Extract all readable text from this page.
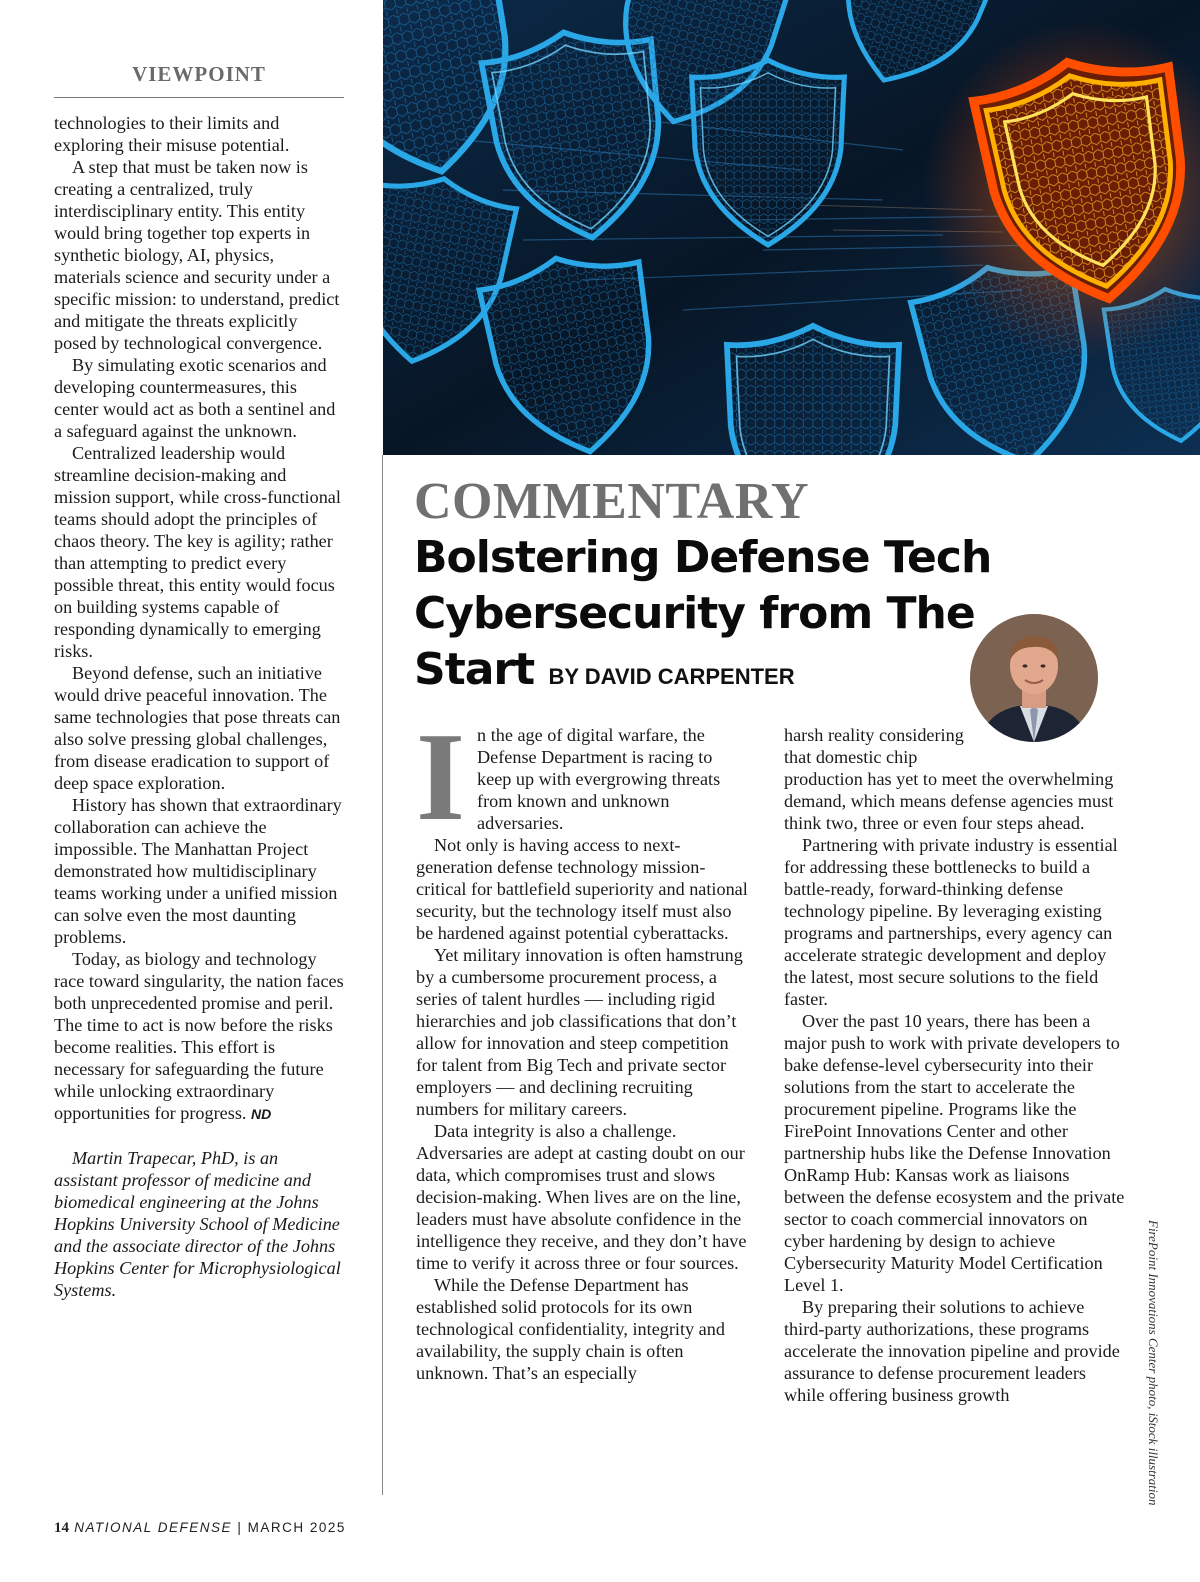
VIEWPOINT

technologies to their limits and exploring their misuse potential.

A step that must be taken now is creating a centralized, truly interdisciplinary entity. This entity would bring together top experts in synthetic biology, AI, physics, materials science and security under a specific mission: to understand, predict and mitigate the threats explicitly posed by technological convergence.

By simulating exotic scenarios and developing countermeasures, this center would act as both a sentinel and a safeguard against the unknown.

Centralized leadership would streamline decision-making and mission support, while cross-functional teams should adopt the principles of chaos theory. The key is agility; rather than attempting to predict every possible threat, this entity would focus on building systems capable of responding dynamically to emerging risks.

Beyond defense, such an initiative would drive peaceful innovation. The same technologies that pose threats can also solve pressing global challenges, from disease eradication to support of deep space exploration.

History has shown that extraordinary collaboration can achieve the impossible. The Manhattan Project demonstrated how multidisciplinary teams working under a unified mission can solve even the most daunting problems.

Today, as biology and technology race toward singularity, the nation faces both unprecedented promise and peril. The time to act is now before the risks become realities. This effort is necessary for safeguarding the future while unlocking extraordinary opportunities for progress. ND

Martin Trapecar, PhD, is an assistant professor of medicine and biomedical engineering at the Johns Hopkins University School of Medicine and the associate director of the Johns Hopkins Center for Microphysiological Systems.

COMMENTARY
Bolstering Defense Tech Cybersecurity from The Start BY DAVID CARPENTER

In the age of digital warfare, the Defense Department is racing to keep up with evergrowing threats from known and unknown adversaries.

Not only is having access to next-generation defense technology mission-critical for battlefield superiority and national security, but the technology itself must also be hardened against potential cyberattacks.

Yet military innovation is often hamstrung by a cumbersome procurement process, a series of talent hurdles — including rigid hierarchies and job classifications that don’t allow for innovation and steep competition for talent from Big Tech and private sector employers — and declining recruiting numbers for military careers.

Data integrity is also a challenge. Adversaries are adept at casting doubt on our data, which compromises trust and slows decision-making. When lives are on the line, leaders must have absolute confidence in the intelligence they receive, and they don’t have time to verify it across three or four sources.

While the Defense Department has established solid protocols for its own technological confidentiality, integrity and availability, the supply chain is often unknown. That’s an especially

harsh reality considering that domestic chip production has yet to meet the overwhelming demand, which means defense agencies must think two, three or even four steps ahead.

Partnering with private industry is essential for addressing these bottlenecks to build a battle-ready, forward-thinking defense technology pipeline. By leveraging existing programs and partnerships, every agency can accelerate strategic development and deploy the latest, most secure solutions to the field faster.

Over the past 10 years, there has been a major push to work with private developers to bake defense-level cybersecurity into their solutions from the start to accelerate the procurement pipeline. Programs like the FirePoint Innovations Center and other partnership hubs like the Defense Innovation OnRamp Hub: Kansas work as liaisons between the defense ecosystem and the private sector to coach commercial innovators on cyber hardening by design to achieve Cybersecurity Maturity Model Certification Level 1.

By preparing their solutions to achieve third-party authorizations, these programs accelerate the innovation pipeline and provide assurance to defense procurement leaders while offering business growth	FirePoint Innovations Center photo, iStock illustration
14 NATIONAL DEFENSE | MARCH 2025
